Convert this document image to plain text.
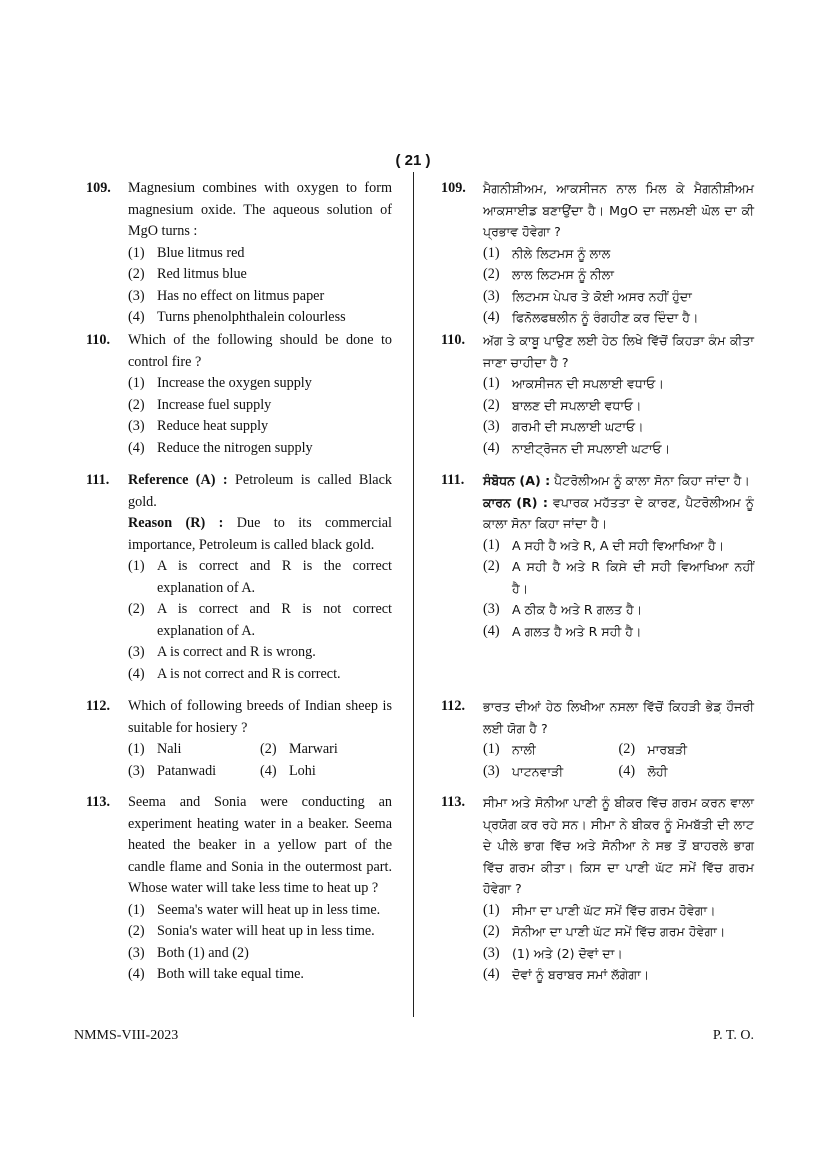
( 21 )
109. Magnesium combines with oxygen to form magnesium oxide. The aqueous solution of MgO turns :
(1) Blue litmus red
(2) Red litmus blue
(3) Has no effect on litmus paper
(4) Turns phenolphthalein colourless
110. Which of the following should be done to control fire ?
(1) Increase the oxygen supply
(2) Increase fuel supply
(3) Reduce heat supply
(4) Reduce the nitrogen supply
111. Reference (A) : Petroleum is called Black gold.
Reason (R) : Due to its commercial importance, Petroleum is called black gold.
(1) A is correct and R is the correct explanation of A.
(2) A is correct and R is not correct explanation of A.
(3) A is correct and R is wrong.
(4) A is not correct and R is correct.
112. Which of following breeds of Indian sheep is suitable for hosiery ?
(1) Nali	(2) Marwari
(3) Patanwadi	(4) Lohi
113. Seema and Sonia were conducting an experiment heating water in a beaker. Seema heated the beaker in a yellow part of the candle flame and Sonia in the outermost part. Whose water will take less time to heat up ?
(1) Seema's water will heat up in less time.
(2) Sonia's water will heat up in less time.
(3) Both (1) and (2)
(4) Both will take equal time.
109. ਮੈਗਨੀਸ਼ੀਅਮ, ਆਕਸੀਜਨ ਨਾਲ ਮਿਲ ਕੇ ਮੈਗਨੀਸ਼ੀਅਮ ਆਕਸਾਈਡ ਬਣਾਉਂਦਾ ਹੈ। MgO ਦਾ ਜਲਮਈ ਘੋਲ ਦਾ ਕੀ ਪ੍ਰਭਾਵ ਹੋਵੇਗਾ ?
(1) ਨੀਲੇ ਲਿਟਮਸ ਨੂੰ ਲਾਲ
(2) ਲਾਲ ਲਿਟਮਸ ਨੂੰ ਨੀਲਾ
(3) ਲਿਟਮਸ ਪੇਪਰ ਤੇ ਕੋਈ ਅਸਰ ਨਹੀਂ ਹੁੰਦਾ
(4) ਫਿਨੋਲਫਥਲੀਨ ਨੂੰ ਰੰਗਹੀਣ ਕਰ ਦਿੰਦਾ ਹੈ।
110. ਅੱਗ ਤੇ ਕਾਬੂ ਪਾਉਣ ਲਈ ਹੇਠ ਲਿਖੇ ਵਿੱਚੋਂ ਕਿਹੜਾ ਕੰਮ ਕੀਤਾ ਜਾਣਾ ਚਾਹੀਦਾ ਹੈ ?
(1) ਆਕਸੀਜਨ ਦੀ ਸਪਲਾਈ ਵਧਾਓ।
(2) ਬਾਲਣ ਦੀ ਸਪਲਾਈ ਵਧਾਓ।
(3) ਗਰਮੀ ਦੀ ਸਪਲਾਈ ਘਟਾਓ।
(4) ਨਾਈਟ੍ਰੋਜਨ ਦੀ ਸਪਲਾਈ ਘਟਾਓ।
111. ਸੰਬੋਧਨ (A) : ਪੈਟਰੋਲੀਅਮ ਨੂੰ ਕਾਲਾ ਸੋਨਾ ਕਿਹਾ ਜਾਂਦਾ ਹੈ।
ਕਾਰਨ (R) : ਵਪਾਰਕ ਮਹੱਤਤਾ ਦੇ ਕਾਰਣ, ਪੈਟਰੋਲੀਅਮ ਨੂੰ ਕਾਲਾ ਸੋਨਾ ਕਿਹਾ ਜਾਂਦਾ ਹੈ।
(1) A ਸਹੀ ਹੈ ਅਤੇ R, A ਦੀ ਸਹੀ ਵਿਆਖਿਆ ਹੈ।
(2) A ਸਹੀ ਹੈ ਅਤੇ R ਕਿਸੇ ਦੀ ਸਹੀ ਵਿਆਖਿਆ ਨਹੀਂ ਹੈ।
(3) A ਠੀਕ ਹੈ ਅਤੇ R ਗਲਤ ਹੈ।
(4) A ਗਲਤ ਹੈ ਅਤੇ R ਸਹੀ ਹੈ।
112. ਭਾਰਤ ਦੀਆਂ ਹੇਠ ਲਿਖੀਆ ਨਸਲਾ ਵਿੱਚੋਂ ਕਿਹੜੀ ਭੇਡ਼ ਹੌਜਰੀ ਲਈ ਯੋਗ ਹੈ ?
(1) ਨਾਲੀ	(2) ਮਾਰਬੜੀ
(3) ਪਾਟਨਵਾੜੀ	(4) ਲੋਹੀ
113. ਸੀਮਾ ਅਤੇ ਸੋਨੀਆ ਪਾਣੀ ਨੂੰ ਬੀਕਰ ਵਿੱਚ ਗਰਮ ਕਰਨ ਵਾਲਾ ਪ੍ਰਯੋਗ ਕਰ ਰਹੇ ਸਨ। ਸੀਮਾ ਨੇ ਬੀਕਰ ਨੂੰ ਮੋਮਬੱਤੀ ਦੀ ਲਾਟ ਦੇ ਪੀਲੇ ਭਾਗ ਵਿੱਚ ਅਤੇ ਸੋਨੀਆ ਨੇ ਸਭ ਤੋਂ ਬਾਹਰਲੇ ਭਾਗ ਵਿੱਚ ਗਰਮ ਕੀਤਾ। ਕਿਸ ਦਾ ਪਾਣੀ ਘੱਟ ਸਮੇਂ ਵਿੱਚ ਗਰਮ ਹੋਵੇਗਾ ?
(1) ਸੀਮਾ ਦਾ ਪਾਣੀ ਘੱਟ ਸਮੇਂ ਵਿੱਚ ਗਰਮ ਹੋਵੇਗਾ।
(2) ਸੋਨੀਆ ਦਾ ਪਾਣੀ ਘੱਟ ਸਮੇਂ ਵਿੱਚ ਗਰਮ ਹੋਵੇਗਾ।
(3) (1) ਅਤੇ (2) ਦੋਵਾਂ ਦਾ।
(4) ਦੋਵਾਂ ਨੂੰ ਬਰਾਬਰ ਸਮਾਂ ਲੱਗੇਗਾ।
NMMS-VIII-2023	P. T. O.
